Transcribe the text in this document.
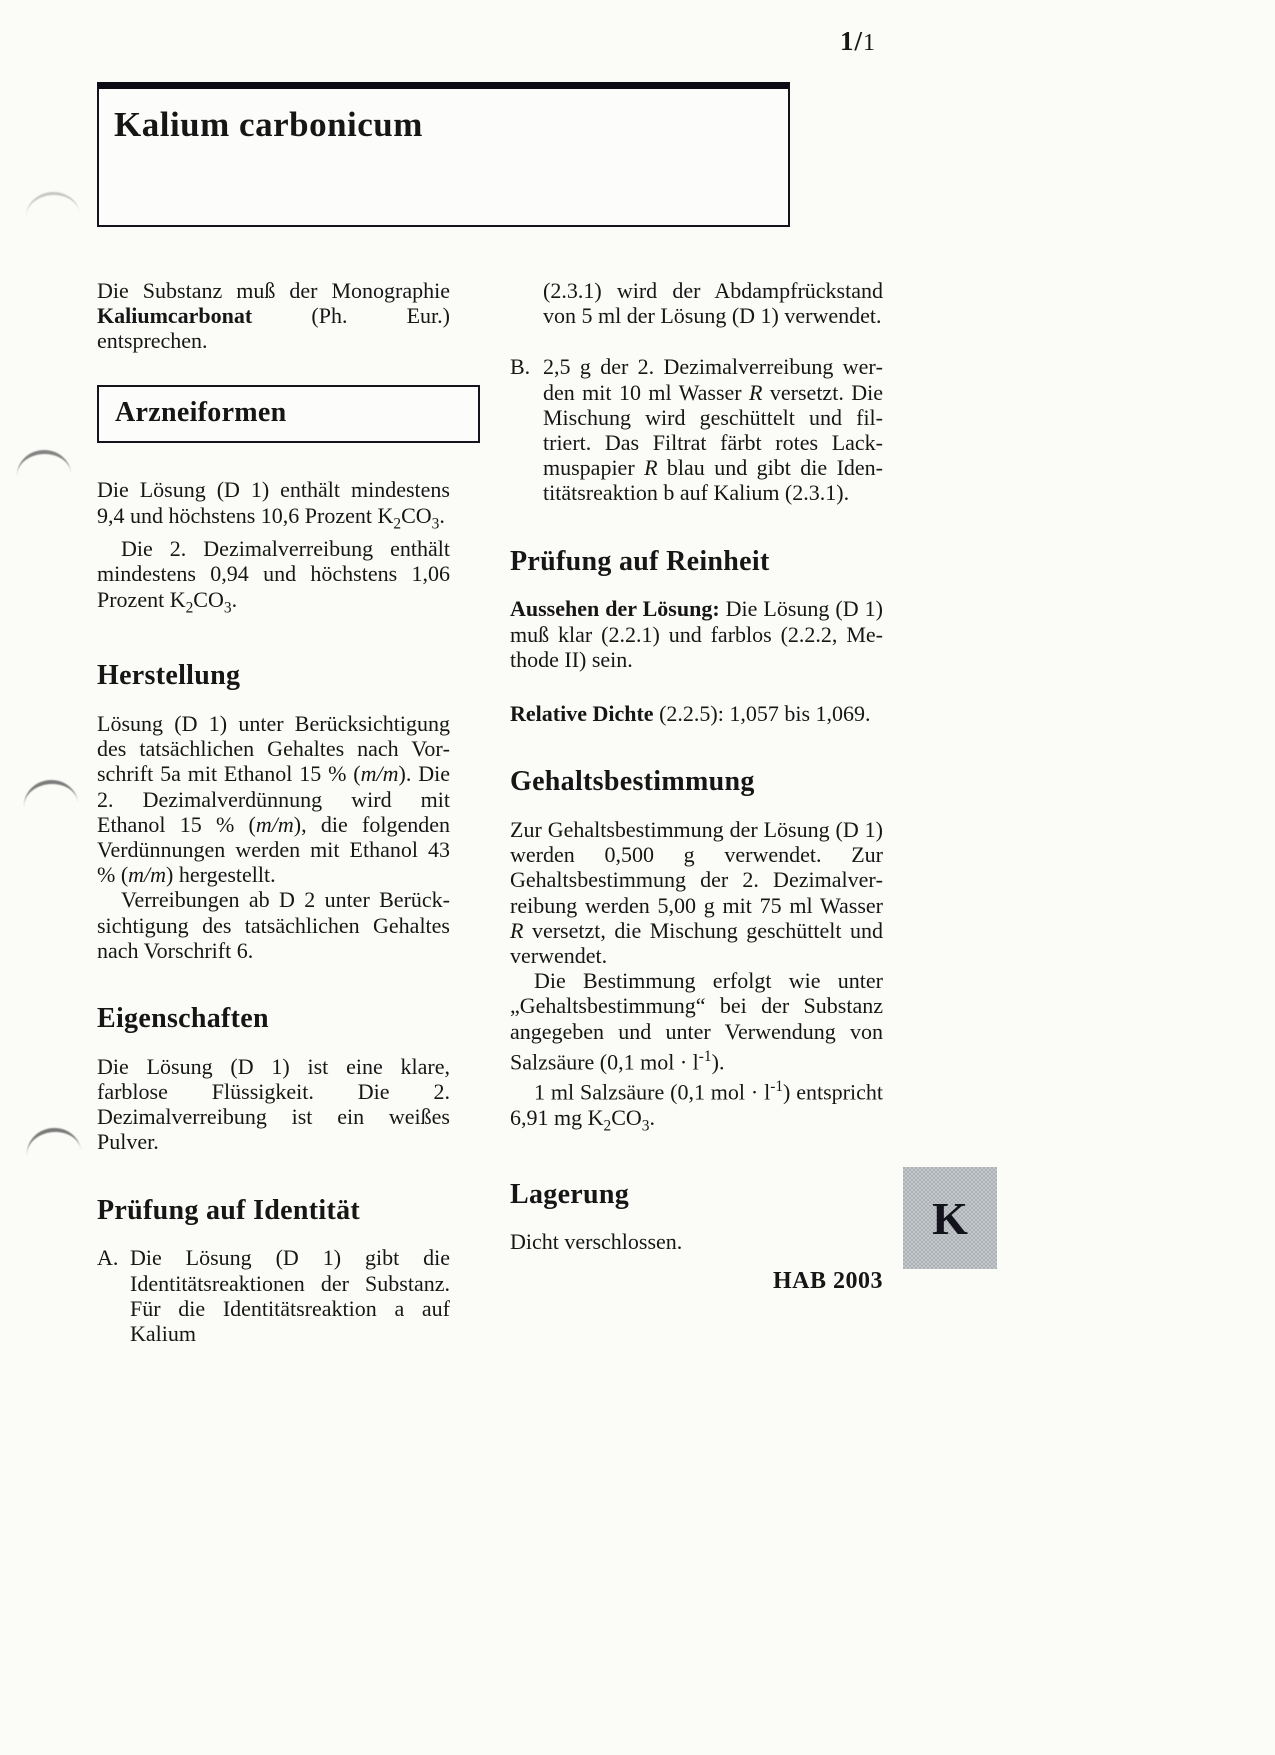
1/1
Kalium carbonicum

Die Substanz muß der Monographie Kaliumcarbonat (Ph. Eur.) entsprechen.

Arzneiformen

Die Lösung (D 1) enthält mindestens 9,4 und höchstens 10,6 Prozent $K_2CO_3$.

Die 2. Dezimalverreibung enthält mindestens 0,94 und höchstens 1,06 Prozent $K_2CO_3$.

Herstellung

Lösung (D 1) unter Berücksichtigung des tatsächlichen Gehaltes nach Vorschrift 5a mit Ethanol 15 % (m/m). Die 2. Dezimalverdünnung wird mit Ethanol 15 % (m/m), die folgenden Verdünnungen werden mit Ethanol 43 % (m/m) hergestellt.

Verreibungen ab D 2 unter Berücksichtigung des tatsächlichen Gehaltes nach Vorschrift 6.

Eigenschaften

Die Lösung (D 1) ist eine klare, farblose Flüssigkeit. Die 2. Dezimalverreibung ist ein weißes Pulver.

Prüfung auf Identität
A. Die Lösung (D 1) gibt die Identitätsreaktionen der Substanz. Für die Identitätsreaktion a auf Kalium

(2.3.1) wird der Abdampfrückstand von 5 ml der Lösung (D 1) verwendet.

B. 2,5 g der 2. Dezimalverreibung werden mit 10 ml Wasser R versetzt. Die Mischung wird geschüttelt und filtriert. Das Filtrat färbt rotes Lackmuspapier R blau und gibt die Identitätsreaktion b auf Kalium (2.3.1).
Prüfung auf Reinheit

Aussehen der Lösung: Die Lösung (D 1) muß klar (2.2.1) und farblos (2.2.2, Methode II) sein.

Relative Dichte (2.2.5): 1,057 bis 1,069.

Gehaltsbestimmung

Zur Gehaltsbestimmung der Lösung (D 1) werden 0,500 g verwendet. Zur Gehaltsbestimmung der 2. Dezimalverreibung werden 5,00 g mit 75 ml Wasser R versetzt, die Mischung geschüttelt und verwendet.

Die Bestimmung erfolgt wie unter „Gehaltsbestimmung“ bei der Substanz angegeben und unter Verwendung von Salzsäure (0,1 mol · $l^{-1}$).

1 ml Salzsäure (0,1 mol · $l^{-1}$) entspricht 6,91 mg $K_2CO_3$.

Lagerung

Dicht verschlossen.

HAB 2003
K
